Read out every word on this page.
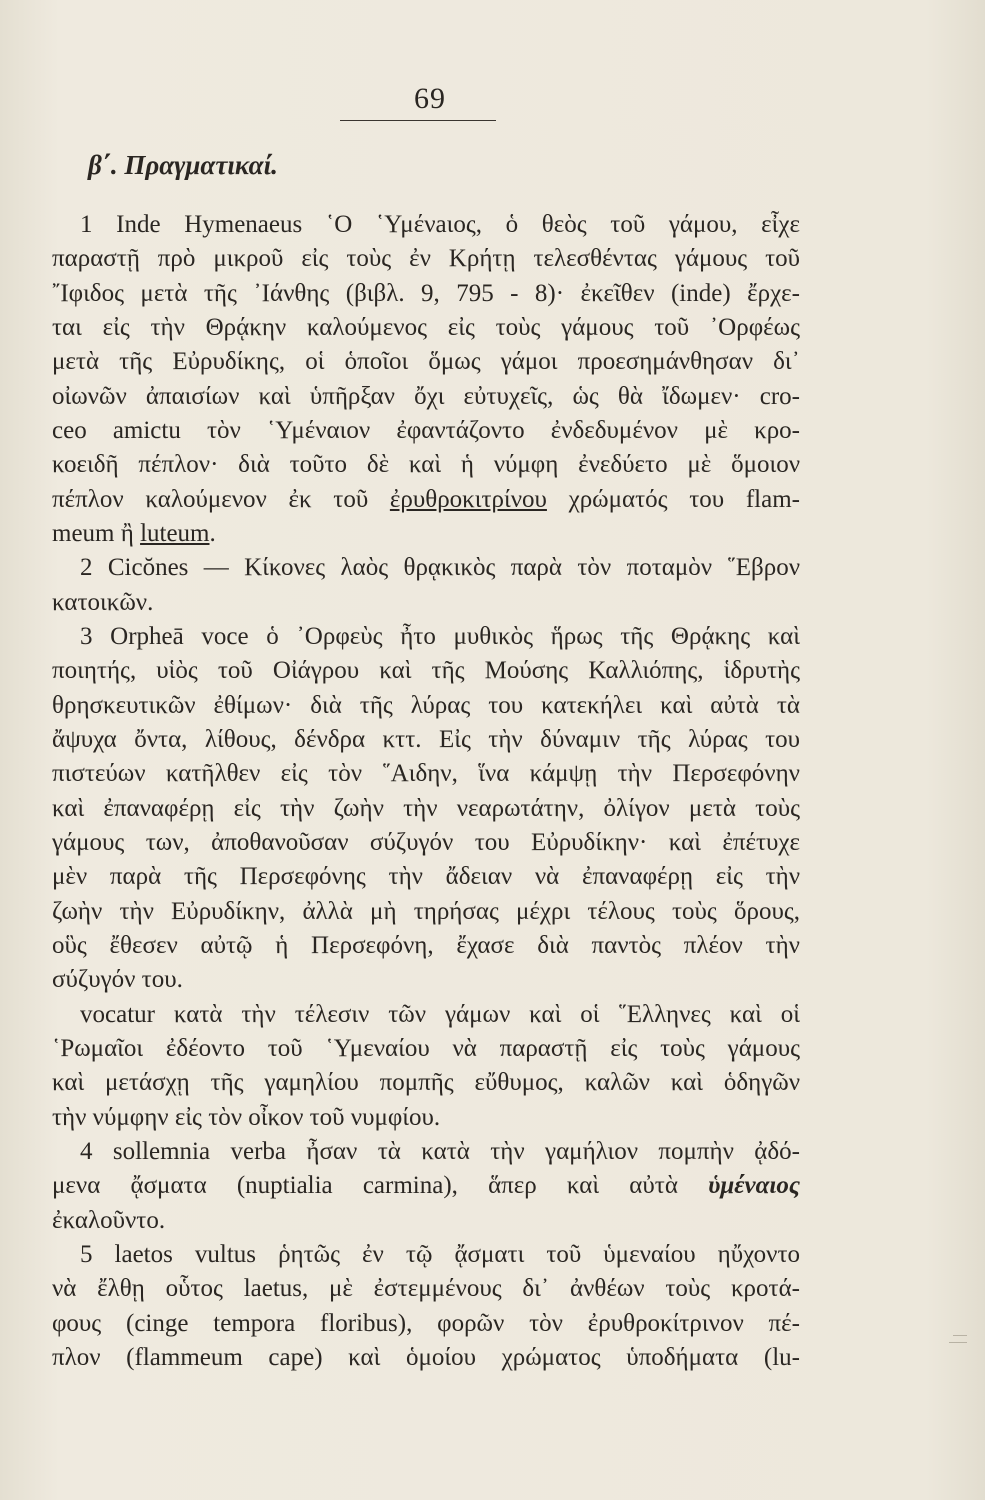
69
β΄. Πραγματικαί.
1 Inde Hymenaeus ῾Ο ῾Υμένaιος, ὁ θεὸς τοῦ γάμου, εἶχε
παραστῇ πρὸ μικροῦ εἰς τοὺς ἐν Κρήτῃ τελεσθέντας γάμους τοῦ
῎Ιφιδος μετὰ τῆς ᾿Ιάνθης (βιβλ. 9, 795 - 8)· ἐκεῖθεν (inde) ἔρχε-
ται εἰς τὴν Θρᾴκην καλούμενος εἰς τοὺς γάμους τοῦ ᾿Ορφέως
μετὰ τῆς Εὐρυδίκης, οἱ ὁποῖοι ὅμως γάμοι προεσημάνθησαν δι᾿
οἰωνῶν ἀπαισίων καὶ ὑπῆρξαν ὄχι εὐτυχεῖς, ὡς θὰ ἴδωμεν· cro-
ceo amictu τὸν ῾Υμέναιον ἐφαντάζοντο ἐνδεδυμένον μὲ κρο-
κοειδῆ πέπλον· διὰ τοῦτο δὲ καὶ ἡ νύμφη ἐνεδύετο μὲ ὅμοιον
πέπλον καλούμενον ἐκ τοῦ ἐρυθροκιτρίνου χρώματός του flam-
meum ἢ luteum.
2 Cicŏnes — Κίκονες λαὸς θρᾳκικὸς παρὰ τὸν ποταμὸν ῞Εβρον
κατοικῶν.
3 Orpheā voce ὁ ᾿Ορφεὺς ἦτο μυθικὸς ἥρως τῆς Θρᾴκης καὶ
ποιητής, υἱὸς τοῦ Οἰάγρου καὶ τῆς Μούσης Καλλιόπης, ἱδρυτὴς
θρησκευτικῶν ἐθίμων· διὰ τῆς λύρας του κατεκήλει καὶ αὐτὰ τὰ
ἄψυχα ὄντα, λίθους, δένδρα κττ. Εἰς τὴν δύναμιν τῆς λύρας του
πιστεύων κατῆλθεν εἰς τὸν ῞Αιδην, ἵνα κάμψῃ τὴν Περσεφόνην
καὶ ἐπαναφέρῃ εἰς τὴν ζωὴν τὴν νεαρωτάτην, ὀλίγον μετὰ τοὺς
γάμους των, ἀποθανοῦσαν σύζυγόν του Εὐρυδίκην· καὶ ἐπέτυχε
μὲν παρὰ τῆς Περσεφόνης τὴν ἄδειαν νὰ ἐπαναφέρῃ εἰς τὴν
ζωὴν τὴν Εὐρυδίκην, ἀλλὰ μὴ τηρήσας μέχρι τέλους τοὺς ὅρους,
οὓς ἔθεσεν αὐτῷ ἡ Περσεφόνη, ἔχασε διὰ παντὸς πλέον τὴν
σύζυγόν του.
vocatur κατὰ τὴν τέλεσιν τῶν γάμων καὶ οἱ ῞Ελληνες καὶ οἱ
῾Ρωμαῖοι ἐδέοντο τοῦ ῾Υμεναίου νὰ παραστῇ εἰς τοὺς γάμους
καὶ μετάσχῃ τῆς γαμηλίου πομπῆς εὔθυμος, καλῶν καὶ ὁδηγῶν
τὴν νύμφην εἰς τὸν οἶκον τοῦ νυμφίου.
4 sollemnia verba ἦσαν τὰ κατὰ τὴν γαμήλιον πομπὴν ᾀδό-
μενα ᾄσματα (nuptialia carmina), ἅπερ καὶ αὐτὰ ὑμέναιος
ἐκαλοῦντο.
5 laetos vultus ῥητῶς ἐν τῷ ᾄσματι τοῦ ὑμεναίου ηὔχοντο
νὰ ἔλθῃ οὗτος laetus, μὲ ἐστεμμένους δι᾿ ἀνθέων τοὺς κροτά-
φους (cinge tempora floribus), φορῶν τὸν ἐρυθροκίτρινον πέ-
πλον (flammeum cape) καὶ ὁμοίου χρώματος ὑποδήματα (lu-
